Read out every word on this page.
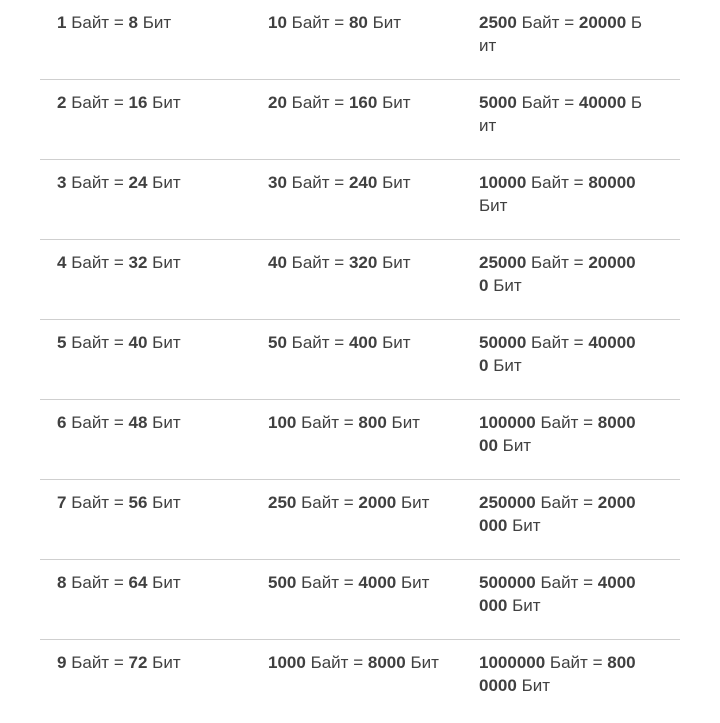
1 Байт = 8 Бит	10 Байт = 80 Бит	2500 Байт = 20000 Бит
2 Байт = 16 Бит	20 Байт = 160 Бит	5000 Байт = 40000 Бит
3 Байт = 24 Бит	30 Байт = 240 Бит	10000 Байт = 80000 Бит
4 Байт = 32 Бит	40 Байт = 320 Бит	25000 Байт = 200000 Бит
5 Байт = 40 Бит	50 Байт = 400 Бит	50000 Байт = 400000 Бит
6 Байт = 48 Бит	100 Байт = 800 Бит	100000 Байт = 800000 Бит
7 Байт = 56 Бит	250 Байт = 2000 Бит	250000 Байт = 2000000 Бит
8 Байт = 64 Бит	500 Байт = 4000 Бит	500000 Байт = 4000000 Бит
9 Байт = 72 Бит	1000 Байт = 8000 Бит	1000000 Байт = 8000000 Бит
